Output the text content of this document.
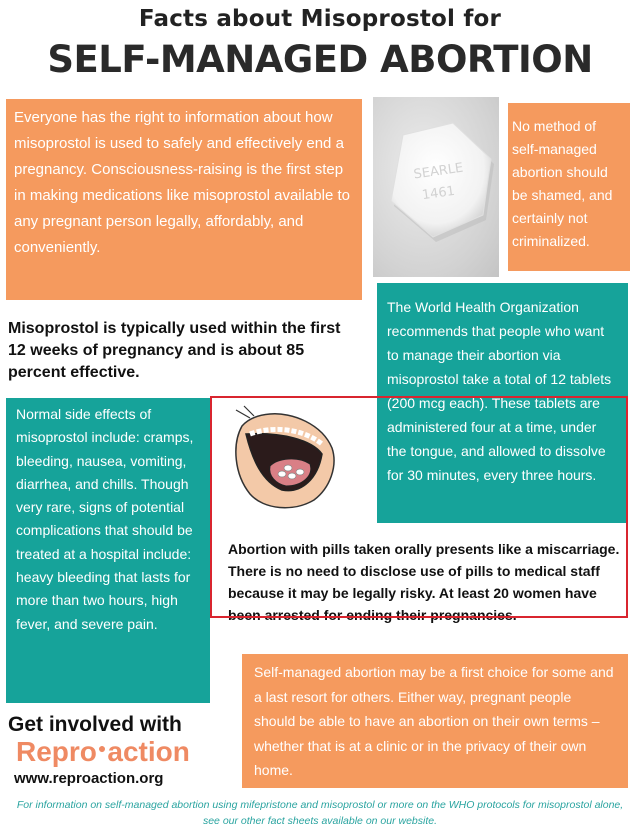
Facts about Misoprostol for
SELF-MANAGED ABORTION
Everyone has the right to information about how misoprostol is used to safely and effectively end a pregnancy. Consciousness-raising is the first step in making medications like misoprostol available to any pregnant person legally, affordably, and conveniently.
SEARLE
1461
No method of self-managed abortion should be shamed, and certainly not criminalized.
Misoprostol is typically used within the first 12 weeks of pregnancy and is about 85 percent effective.
The World Health Organization recommends that people who want to manage their abortion via misoprostol take a total of 12 tablets (200 mcg each). These tablets are administered four at a time, under the tongue, and allowed to dissolve for 30 minutes, every three hours.
Normal side effects of misoprostol include: cramps, bleeding, nausea, vomiting, diarrhea, and chills. Though very rare, signs of potential complications that should be treated at a hospital include: heavy bleeding that lasts for more than two hours, high fever, and severe pain.
Abortion with pills taken orally presents like a miscarriage. There is no need to disclose use of pills to medical staff because it may be legally risky. At least 20 women have been arrested for ending their pregnancies.
Self-managed abortion may be a first choice for some and a last resort for others. Either way, pregnant people should be able to have an abortion on their own terms – whether that is at a clinic or in the privacy of their own home.
Get involved with
Repro●action
www.reproaction.org
For information on self-managed abortion using mifepristone and misoprostol or more on the WHO protocols for misoprostol alone, see our other fact sheets available on our website.
